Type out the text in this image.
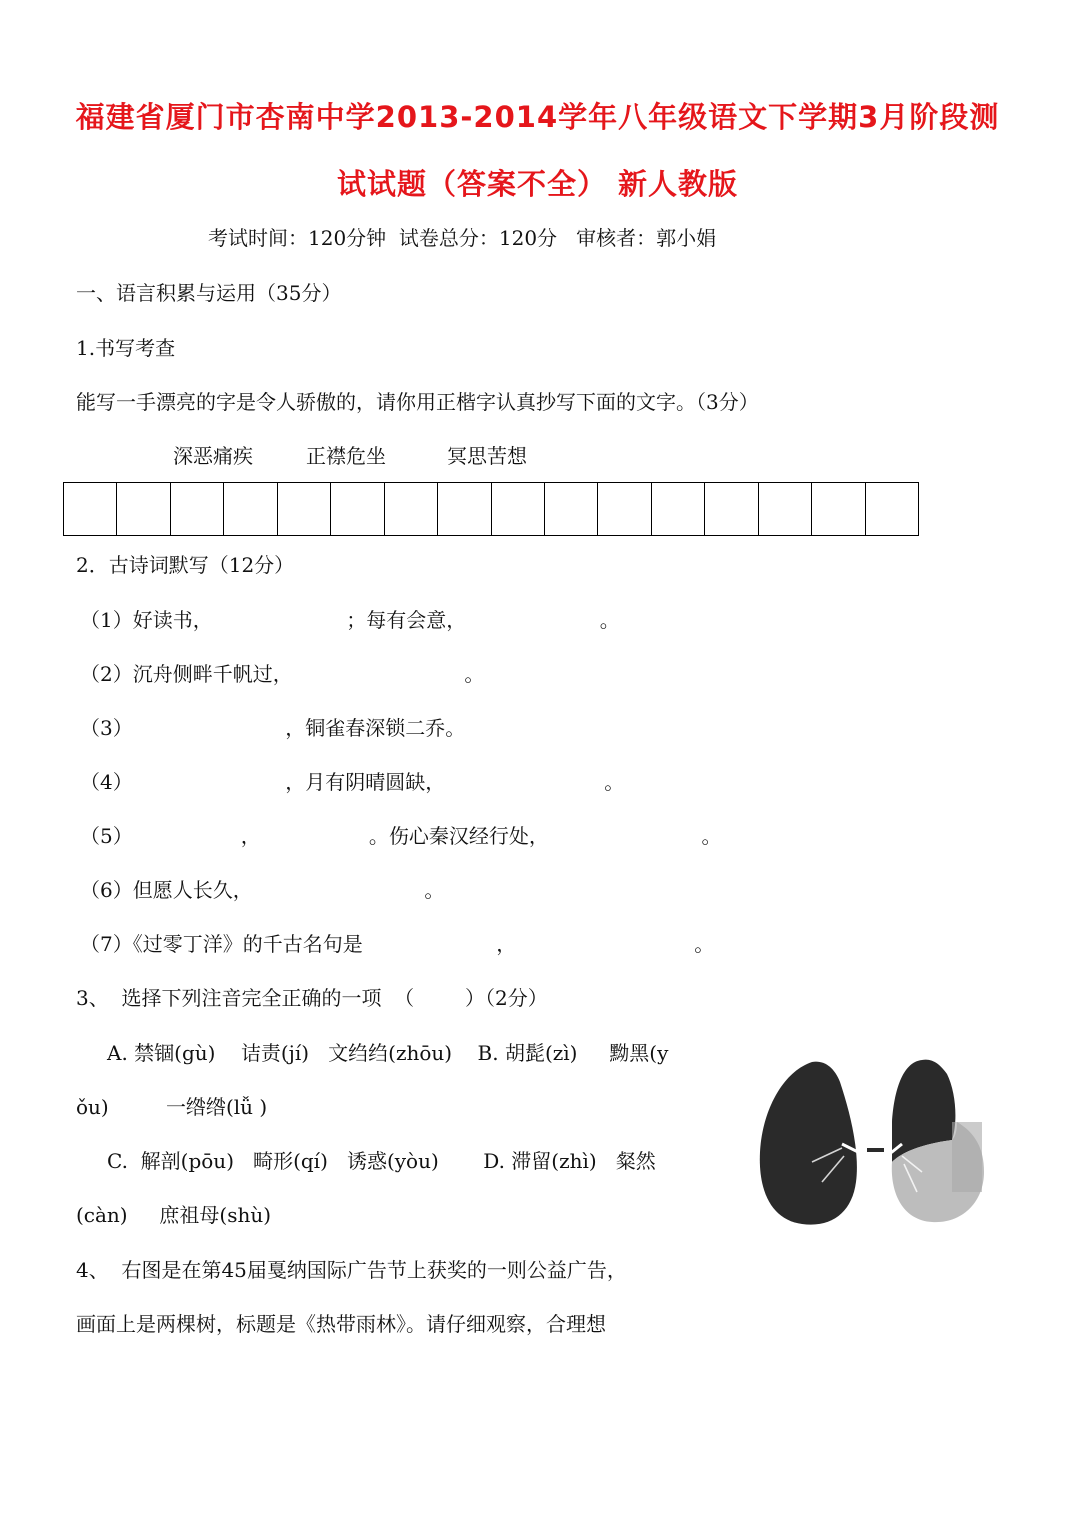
福建省厦门市杏南中学2013-2014学年八年级语文下学期3月阶段测
试试题（答案不全） 新人教版
考试时间：120分钟  试卷总分：120分   审核者：郭小娟
一、语言积累与运用（35分）
1.书写考查
能写一手漂亮的字是令人骄傲的，请你用正楷字认真抄写下面的文字。（3分）
深恶痛疾	正襟危坐	冥思苦想
2．古诗词默写（12分）
（1）好读书，                     ；每有会意，                     。
（2）沉舟侧畔千帆过，                           。
（3）                        ，铜雀春深锁二乔。
（4）                        ，月有阴晴圆缺，                         。
（5）                 ，                 。伤心秦汉经行处，                        。
（6）但愿人长久，                           。
（7）《过零丁洋》的千古名句是                     ，                            。
3、  选择下列注音完全正确的一项  （        ）（2分）
A. 禁锢(gù)    诘责(jí)   文绉绉(zhōu)    B. 胡髭(zì)     黝黑(y
ǒu)         一绺绺(lǚ )
C.  解剖(pōu)   畸形(qí)   诱惑(yòu)       D. 滞留(zhì)   粲然
(càn)     庶祖母(shù)
4、  右图是在第45届戛纳国际广告节上获奖的一则公益广告，
画面上是两棵树，标题是《热带雨林》。请仔细观察，合理想
